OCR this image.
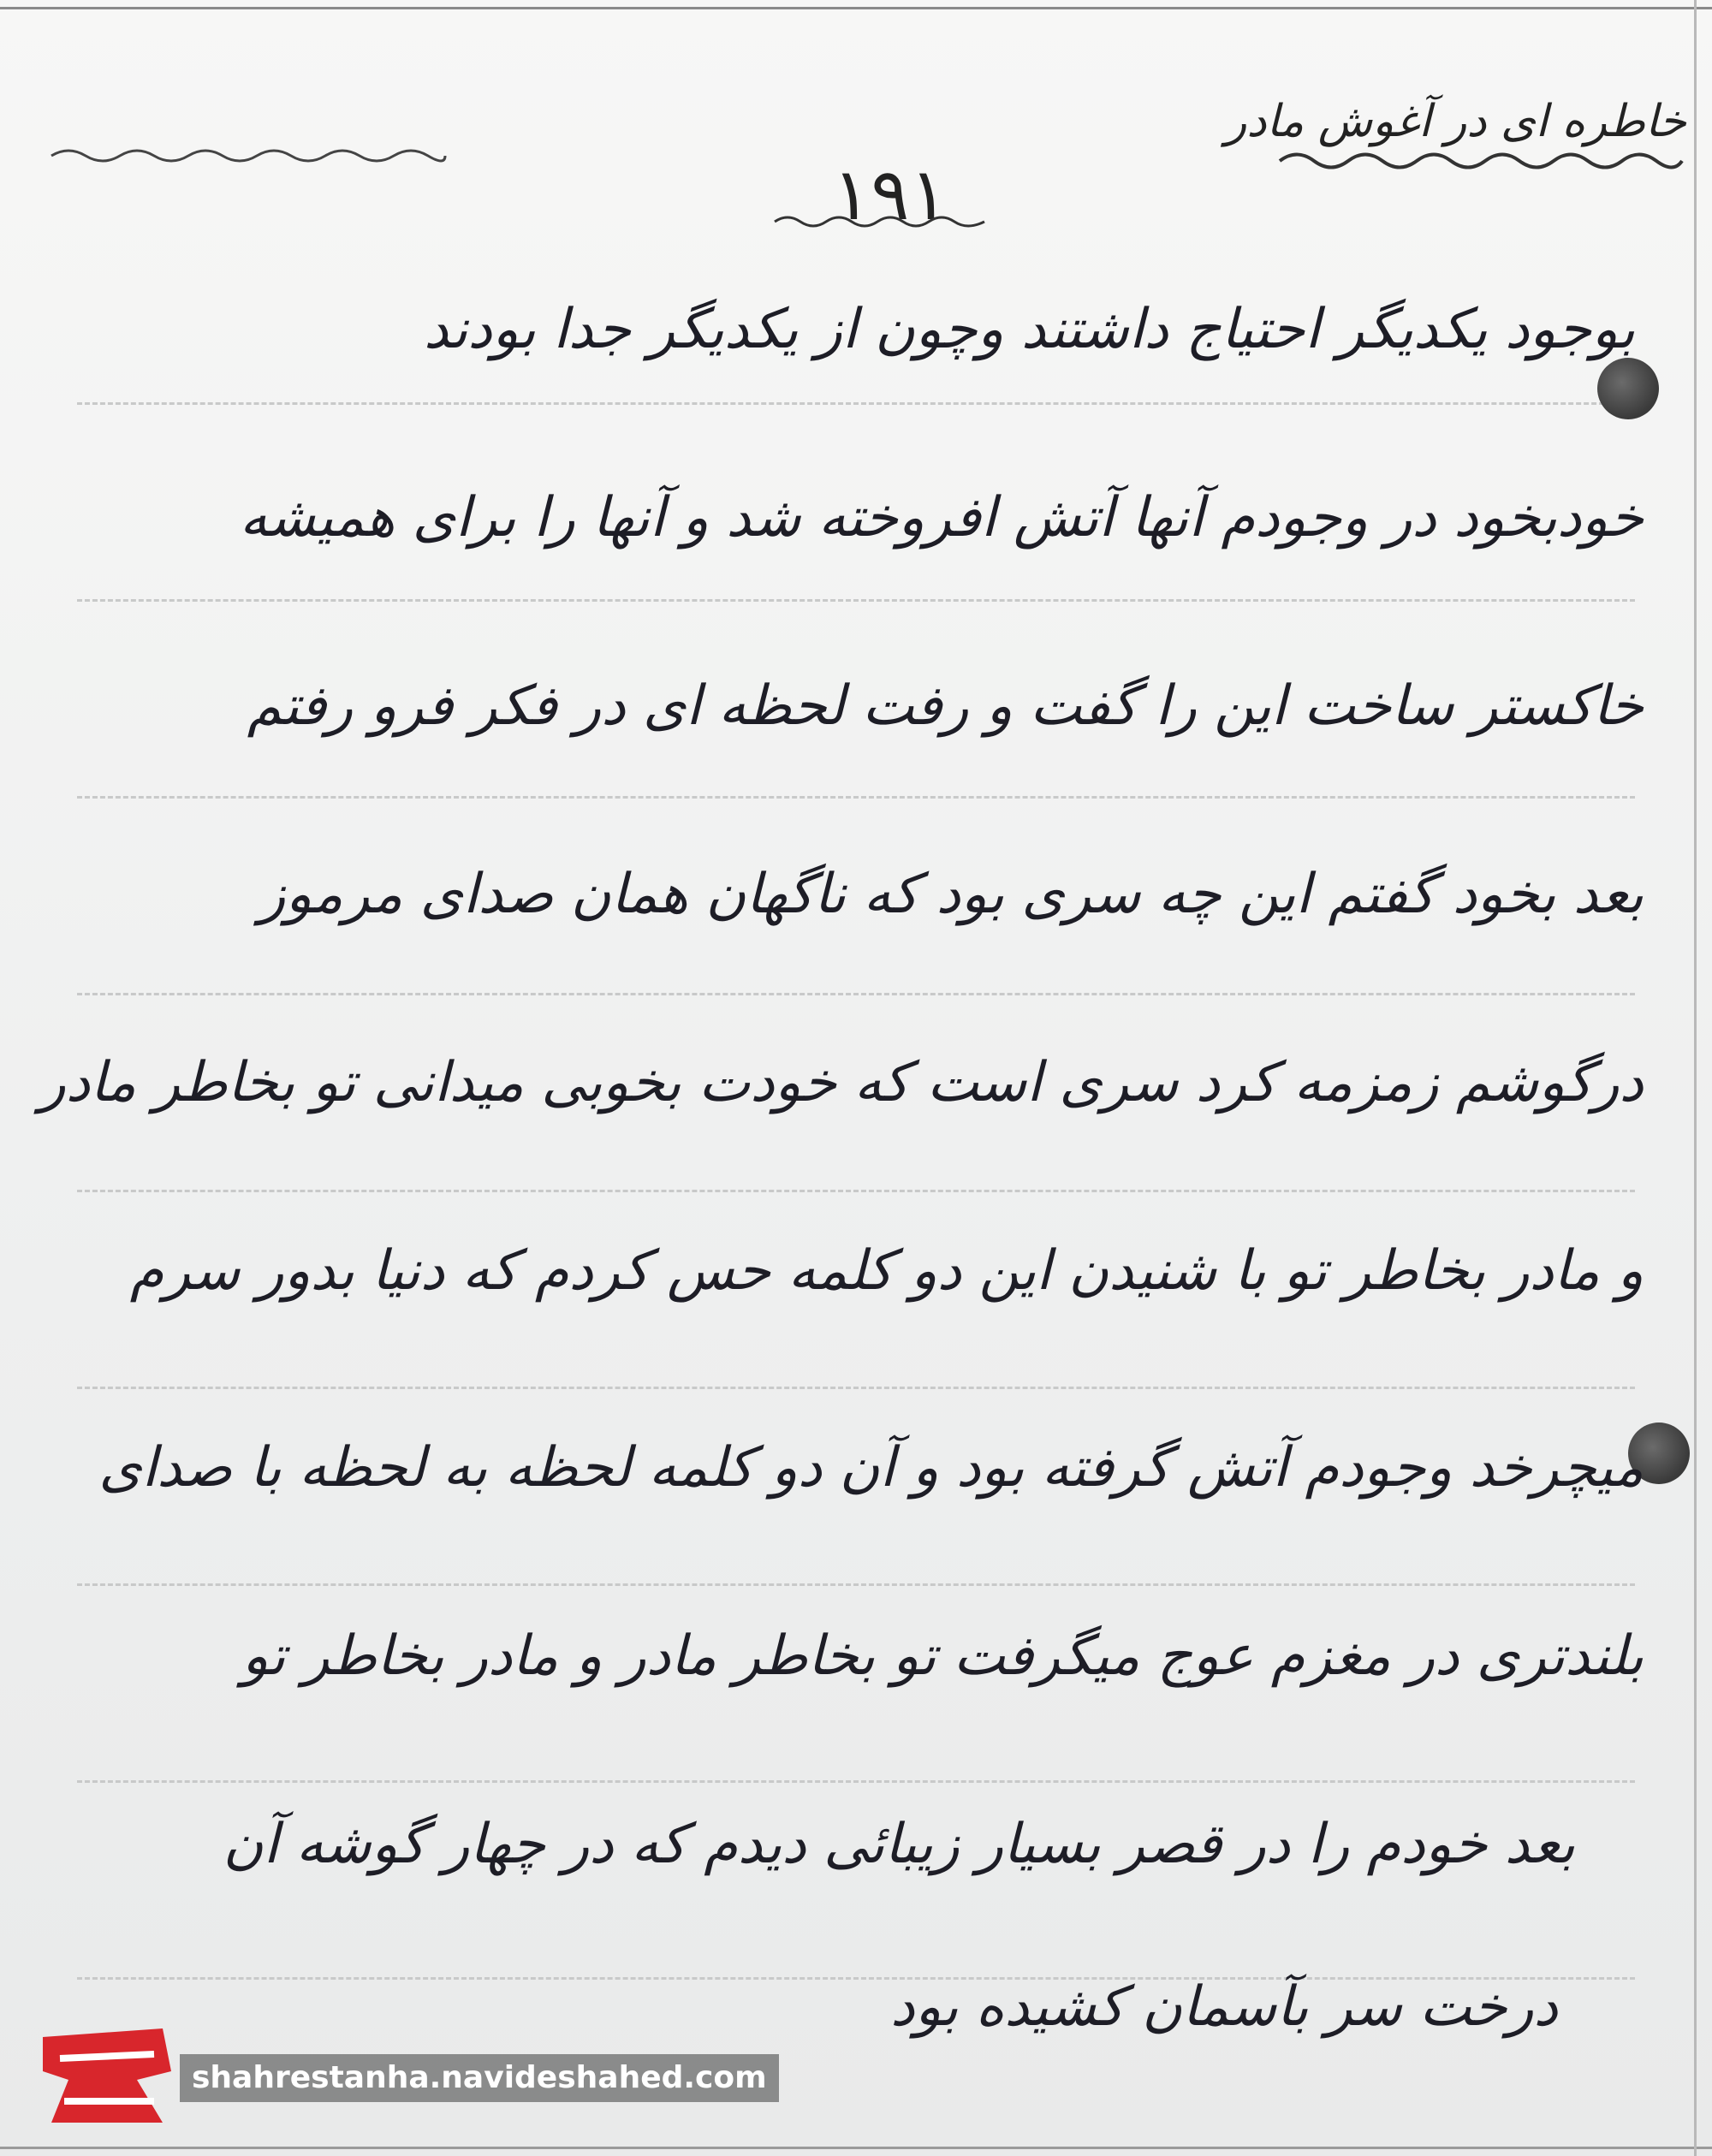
خاطره ای در آغوش مادر
۱۹۱
بوجود یکدیگر احتیاج داشتند وچون از یکدیگر جدا بودند
خودبخود در وجودم آنها آتش افروخته شد و آنها را برای همیشه
خاکستر ساخت این را گفت و رفت لحظه ای در فکر فرو رفتم
بعد بخود گفتم این چه سری بود که ناگهان همان صدای مرموز
درگوشم زمزمه کرد سری است که خودت بخوبی میدانی تو بخاطر مادر
و مادر بخاطر تو با شنیدن این دو کلمه حس کردم که دنیا بدور سرم
میچرخد وجودم آتش گرفته بود و آن دو کلمه لحظه به لحظه با صدای
بلندتری در مغزم عوج میگرفت تو بخاطر مادر و مادر بخاطر تو
بعد خودم را در قصر بسیار زیبائی دیدم که در چهار گوشه آن
درخت سر بآسمان کشیده بود
shahrestanha.navideshahed.com
